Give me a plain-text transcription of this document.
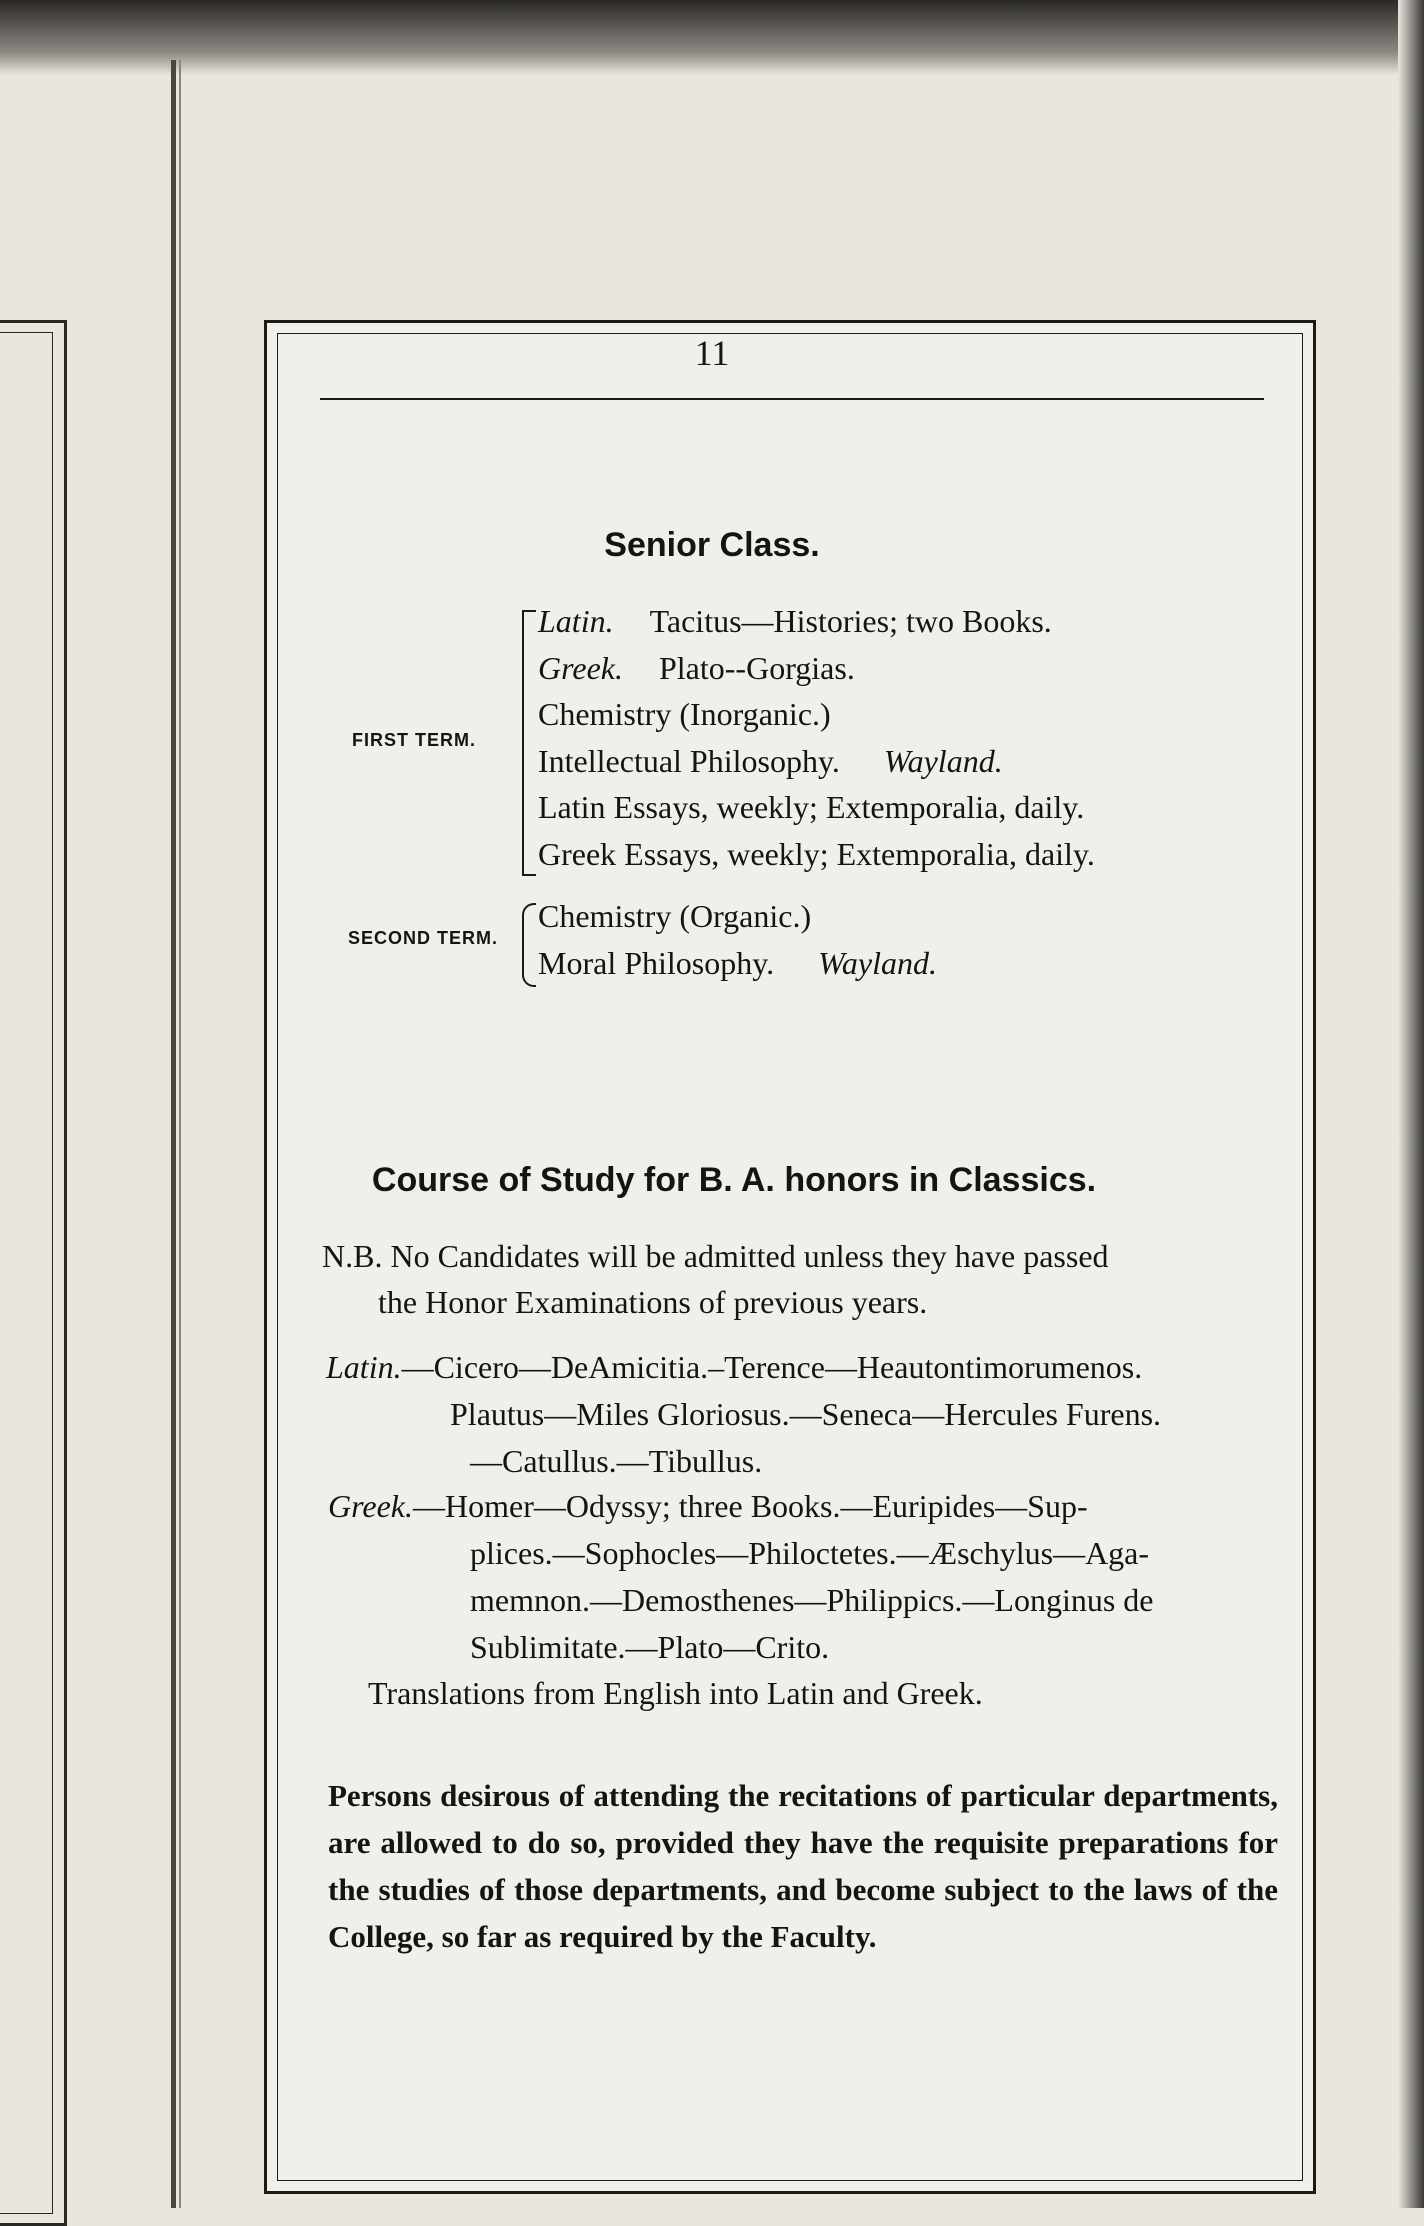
11
Senior Class.
FIRST TERM.
Latin. Tacitus—Histories; two Books.
Greek. Plato--Gorgias.
Chemistry (Inorganic.)
Intellectual Philosophy. Wayland.
Latin Essays, weekly; Extemporalia, daily.
Greek Essays, weekly; Extemporalia, daily.
SECOND TERM.
Chemistry (Organic.)
Moral Philosophy. Wayland.
Course of Study for B. A. honors in Classics.
N.B. No Candidates will be admitted unless they have passed
the Honor Examinations of previous years.
Latin.—Cicero—DeAmicitia.–Terence—Heautontimorumenos.
Plautus—Miles Gloriosus.—Seneca—Hercules Furens.
—Catullus.—Tibullus.
Greek.—Homer—Odyssy; three Books.—Euripides—Sup-
plices.—Sophocles—Philoctetes.—Æschylus—Aga-
memnon.—Demosthenes—Philippics.—Longinus de
Sublimitate.—Plato—Crito.
Translations from English into Latin and Greek.
Persons desirous of attending the recitations of particular departments, are allowed to do so, provided they have the requisite preparations for the studies of those departments, and become subject to the laws of the College, so far as required by the Faculty.
